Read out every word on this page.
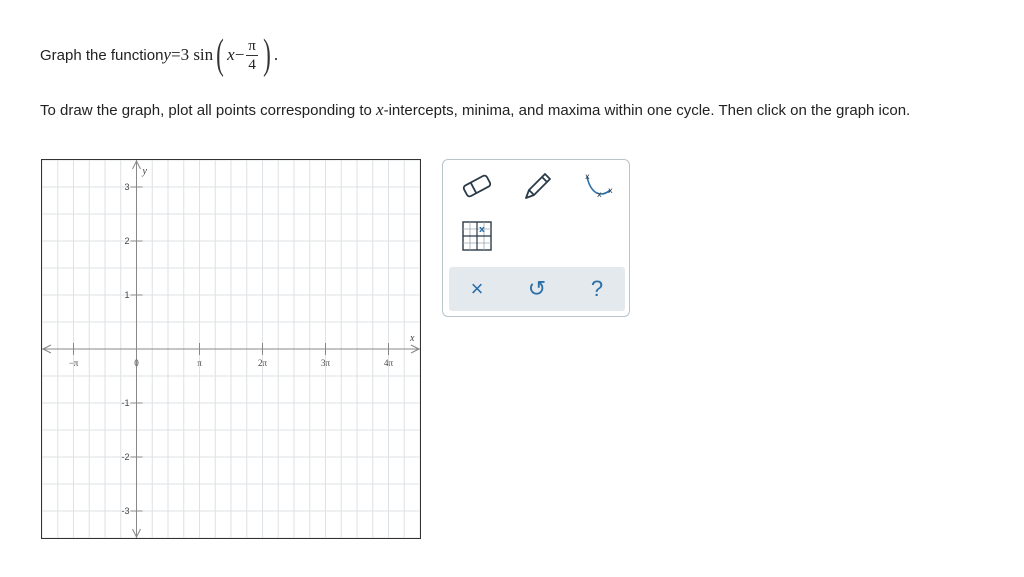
Graph the function y=3 sin ( $x - \frac{\pi}{4}$ ) .
To draw the graph, plot all points corresponding to x-intercepts, minima, and maxima within one cycle. Then click on the graph icon.
x
y
−π	0	π	2π	3π	4π
3
2
1
-1
-2
-3
x
x x
x
× ↺ ?
